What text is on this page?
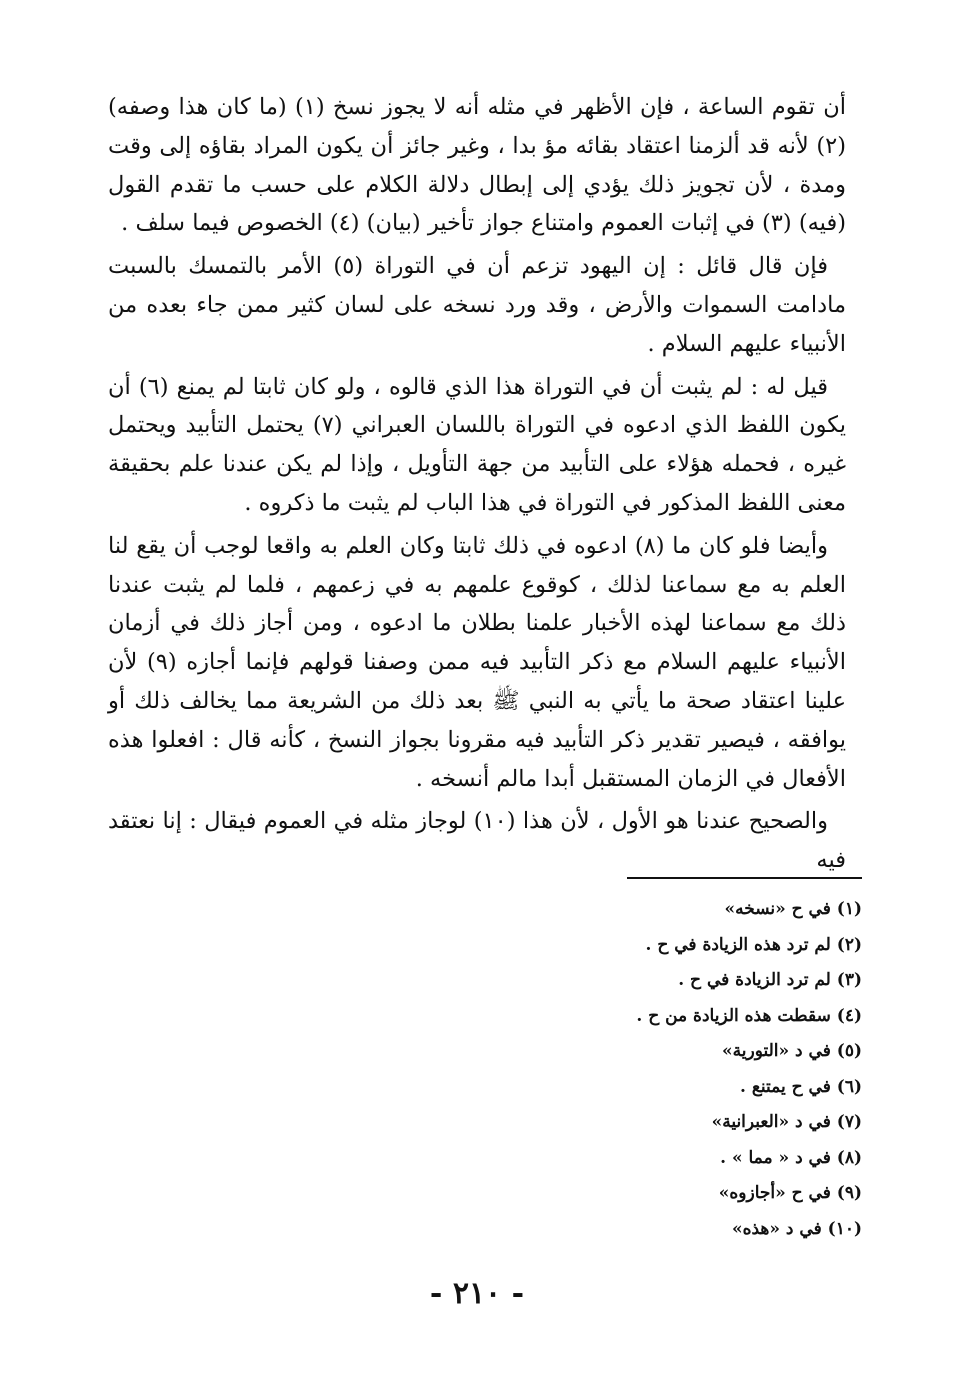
أن تقوم الساعة ، فإن الأظهر في مثله أنه لا يجوز نسخ (١) (ما كان هذا وصفه) (٢) لأنه قد ألزمنا اعتقاد بقائه مؤ بدا ، وغير جائز أن يكون المراد بقاؤه إلى وقت ومدة ، لأن تجويز ذلك يؤدي إلى إبطال دلالة الكلام على حسب ما تقدم القول (فيه) (٣) في إثبات العموم وامتناع جواز تأخير (بيان) (٤) الخصوص فيما سلف .

فإن قال قائل : إن اليهود تزعم أن في التوراة (٥) الأمر بالتمسك بالسبت مادامت السموات والأرض ، وقد ورد نسخه على لسان كثير ممن جاء بعده من الأنبياء عليهم السلام .

قيل له : لم يثبت أن في التوراة هذا الذي قالوه ، ولو كان ثابتا لم يمنع (٦) أن يكون اللفظ الذي ادعوه في التوراة باللسان العبراني (٧) يحتمل التأبيد ويحتمل غيره ، فحمله هؤلاء على التأبيد من جهة التأويل ، وإذا لم يكن عندنا علم بحقيقة معنى اللفظ المذكور في التوراة في هذا الباب لم يثبت ما ذكروه .

وأيضا فلو كان ما (٨) ادعوه في ذلك ثابتا وكان العلم به واقعا لوجب أن يقع لنا العلم به مع سماعنا لذلك ، كوقوع علمهم به في زعمهم ، فلما لم يثبت عندنا ذلك مع سماعنا لهذه الأخبار علمنا بطلان ما ادعوه ، ومن أجاز ذلك في أزمان الأنبياء عليهم السلام مع ذكر التأبيد فيه ممن وصفنا قولهم فإنما أجازه (٩) لأن علينا اعتقاد صحة ما يأتي به النبي ﷺ بعد ذلك من الشريعة مما يخالف ذلك أو يوافقه ، فيصير تقدير ذكر التأبيد فيه مقرونا بجواز النسخ ، كأنه قال : افعلوا هذه الأفعال في الزمان المستقبل أبدا مالم أنسخه .

والصحيح عندنا هو الأول ، لأن هذا (١٠) لوجاز مثله في العموم فيقال : إنا نعتقد فيه

(١) في ح «نسخه»
(٢) لم ترد هذه الزيادة في ح .
(٣) لم ترد الزيادة في ح .
(٤) سقطت هذه الزيادة من ح .
(٥) في د «التورية»
(٦) في ح يمتنع .
(٧) في د «العبرانية»
(٨) في د « مما » .
(٩) في ح «أجازوه»
(١٠) في د «هذه»
- ٢١٠ -
